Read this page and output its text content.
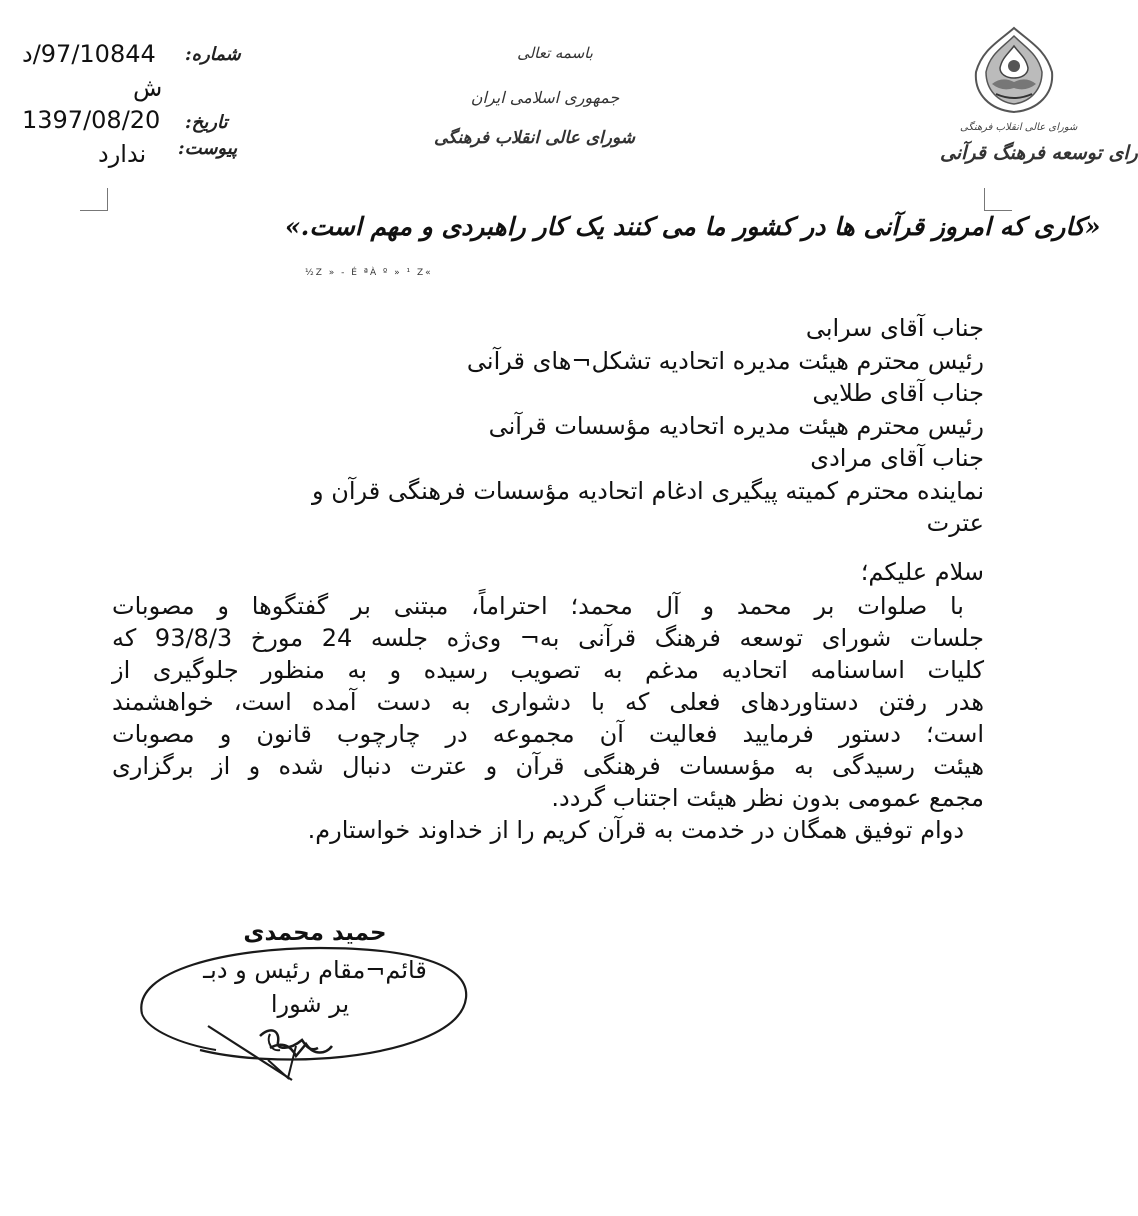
شماره:
د/97/10844
ش
تاریخ:
1397/08/20
پیوست:
ندارد
باسمه تعالی
جمهوری اسلامی ایران
شورای عالی انقلاب فرهنگی
شورای عالی انقلاب فرهنگی
رای توسعه فرهنگ قرآنی
«کاری که امروز قرآنی ها در کشور ما می کنند یک کار راهبردی و مهم است.»
½Z » - É ªÀ º » ¹ Z«
جناب آقای سرابی
رئیس محترم هیئت مدیره اتحادیه تشکل¬های قرآنی
جناب آقای طلایی
رئیس محترم هیئت مدیره اتحادیه مؤسسات قرآنی
جناب آقای مرادی
نماینده محترم کمیته پیگیری ادغام اتحادیه مؤسسات فرهنگی قرآن و
عترت
سلام علیکم؛
با صلوات بر محمد و آل محمد؛ احتراماً، مبتنی بر گفتگوها و مصوبات
جلسات شورای توسعه فرهنگ قرآنی به¬ وی‌ژه جلسه 24 مورخ 93/8/3 که
کلیات اساسنامه اتحادیه مدغم به تصویب رسیده و به منظور جلوگیری از
هدر رفتن دستاوردهای فعلی که با دشواری به دست آمده است، خواهشمند
است؛ دستور فرمایید فعالیت آن مجموعه در چارچوب قانون و مصوبات
هیئت رسیدگی به مؤسسات فرهنگی قرآن و عترت دنبال شده و از برگزاری
مجمع عمومی بدون نظر هیئت اجتناب گردد.
دوام توفیق همگان در خدمت به قرآن کریم را از خداوند خواستارم.
حمید محمدی
قائم¬مقام رئیس و دبـ
یر شورا
